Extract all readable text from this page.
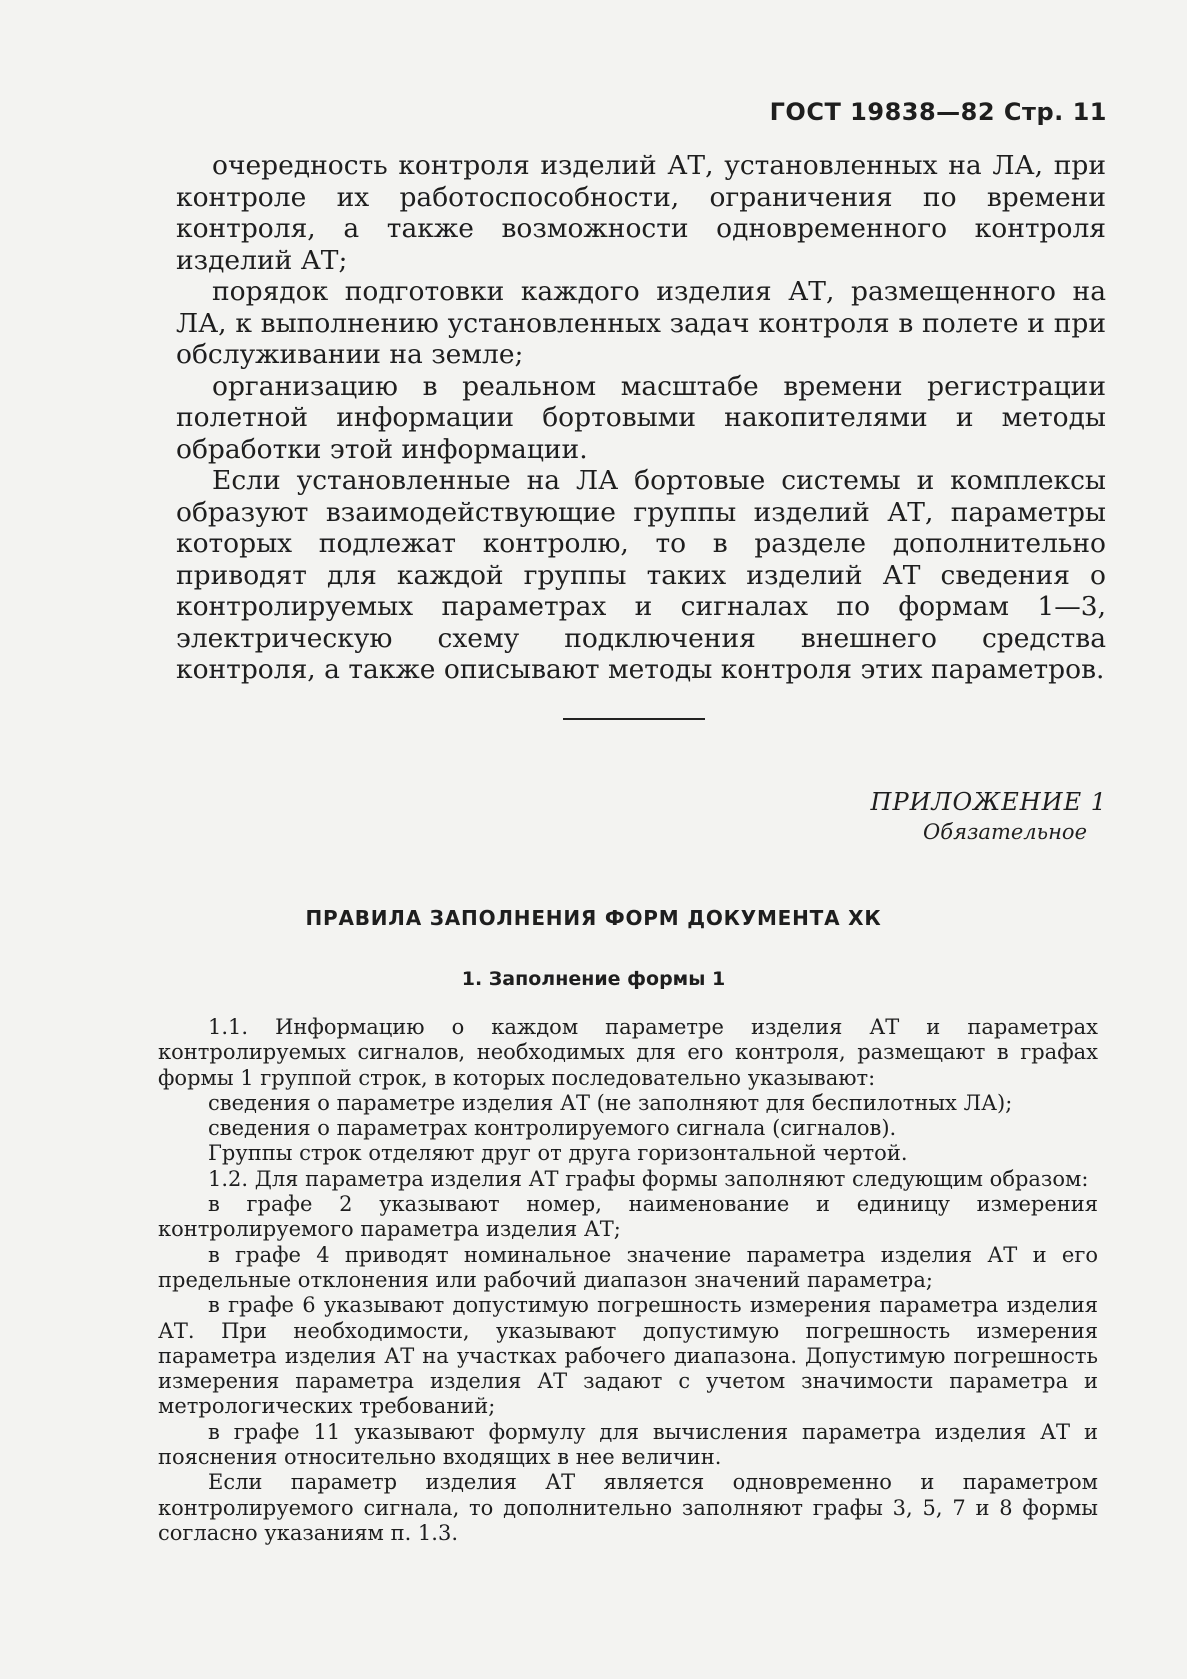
ГОСТ 19838—82 Стр. 11

очередность контроля изделий АТ, установленных на ЛА, при контроле их работоспособности, ограничения по времени контроля, а также возможности одновременного контроля изделий АТ;

порядок подготовки каждого изделия АТ, размещенного на ЛА, к выполнению установленных задач контроля в полете и при обслуживании на земле;

организацию в реальном масштабе времени регистрации полетной информации бортовыми накопителями и методы обработки этой информации.

Если установленные на ЛА бортовые системы и комплексы образуют взаимодействующие группы изделий АТ, параметры которых подлежат контролю, то в разделе дополнительно приводят для каждой группы таких изделий АТ сведения о контролируемых параметрах и сигналах по формам 1—3, электрическую схему подключения внешнего средства контроля, а также описывают методы контроля этих параметров.

ПРИЛОЖЕНИЕ 1
Обязательное
ПРАВИЛА ЗАПОЛНЕНИЯ ФОРМ ДОКУМЕНТА ХК
1. Заполнение формы 1

1.1. Информацию о каждом параметре изделия АТ и параметрах контролируемых сигналов, необходимых для его контроля, размещают в графах формы 1 группой строк, в которых последовательно указывают:

сведения о параметре изделия АТ (не заполняют для беспилотных ЛА);

сведения о параметрах контролируемого сигнала (сигналов).

Группы строк отделяют друг от друга горизонтальной чертой.

1.2. Для параметра изделия АТ графы формы заполняют следующим образом:

в графе 2 указывают номер, наименование и единицу измерения контролируемого параметра изделия АТ;

в графе 4 приводят номинальное значение параметра изделия АТ и его предельные отклонения или рабочий диапазон значений параметра;

в графе 6 указывают допустимую погрешность измерения параметра изделия АТ. При необходимости, указывают допустимую погрешность измерения параметра изделия АТ на участках рабочего диапазона. Допустимую погрешность измерения параметра изделия АТ задают с учетом значимости параметра и метрологических требований;

в графе 11 указывают формулу для вычисления параметра изделия АТ и пояснения относительно входящих в нее величин.

Если параметр изделия АТ является одновременно и параметром контролируемого сигнала, то дополнительно заполняют графы 3, 5, 7 и 8 формы согласно указаниям п. 1.3.
